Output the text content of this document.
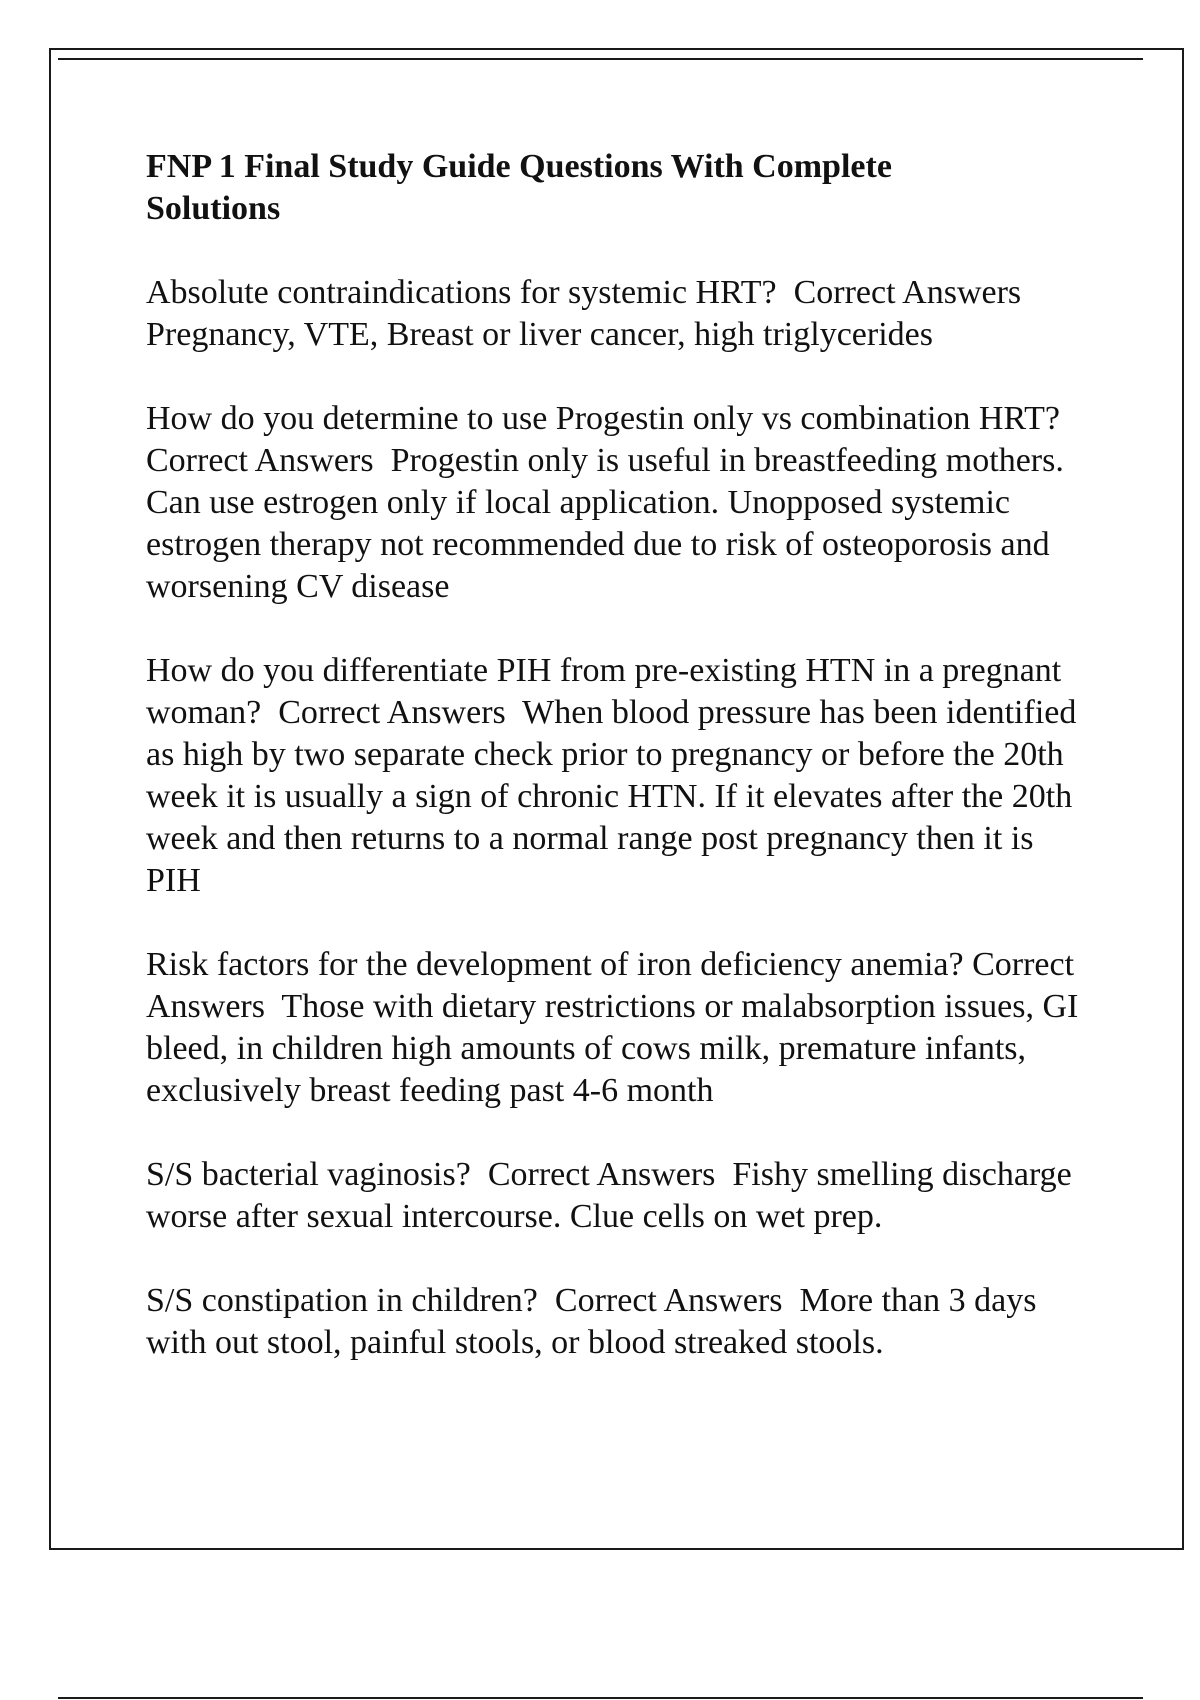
FNP 1 Final Study Guide Questions With Complete Solutions

Absolute contraindications for systemic HRT? Correct Answers Pregnancy, VTE, Breast or liver cancer, high triglycerides

How do you determine to use Progestin only vs combination HRT?  Correct Answers Progestin only is useful in breastfeeding mothers. Can use estrogen only if local application. Unopposed systemic estrogen therapy not recommended due to risk of osteoporosis and worsening CV disease

How do you differentiate PIH from pre-existing HTN in a pregnant woman? Correct Answers When blood pressure has been identified as high by two separate check prior to pregnancy or before the 20th week it is usually a sign of chronic HTN. If it elevates after the 20th week and then returns to a normal range post pregnancy then it is PIH

Risk factors for the development of iron deficiency anemia? Correct Answers Those with dietary restrictions or malabsorption issues, GI bleed, in children high amounts of cows milk, premature infants, exclusively breast feeding past 4-6 month

S/S bacterial vaginosis? Correct Answers Fishy smelling discharge worse after sexual intercourse. Clue cells on wet prep.

S/S constipation in children? Correct Answers More than 3 days with out stool, painful stools, or blood streaked stools.
